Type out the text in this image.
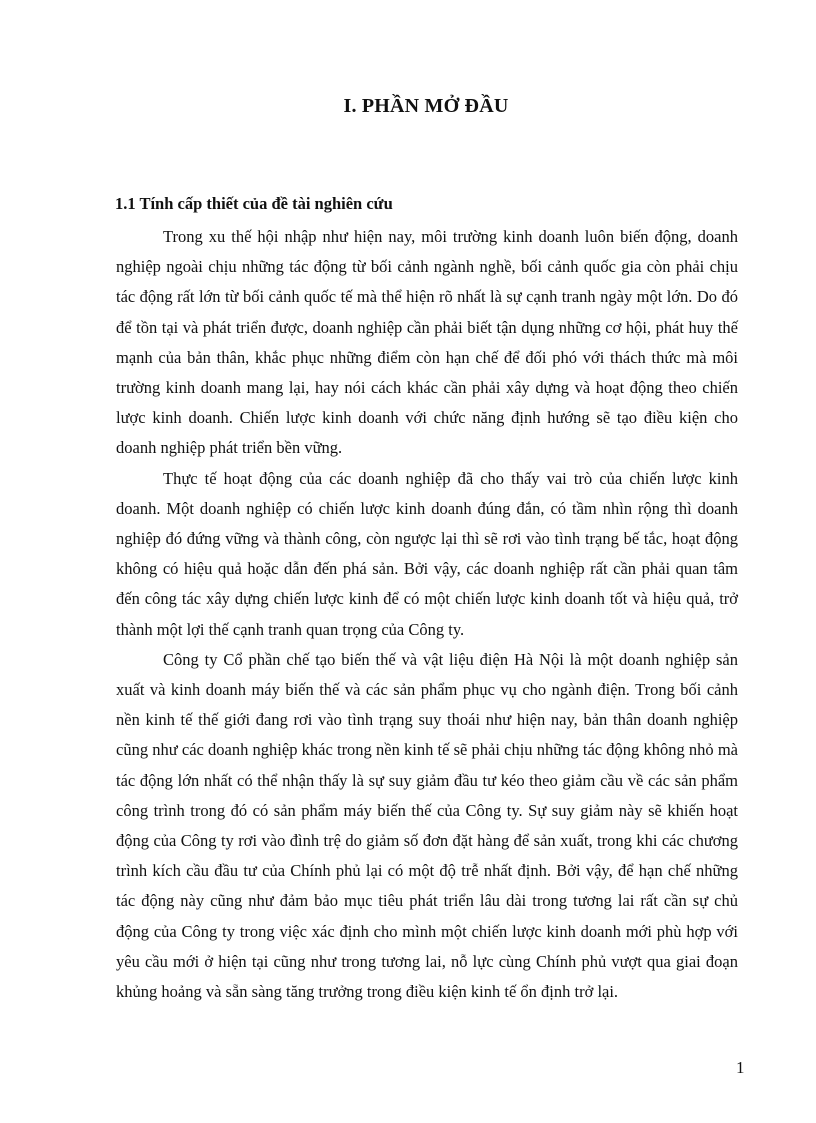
I. PHẦN MỞ ĐẦU
1.1 Tính cấp thiết của đề tài nghiên cứu

Trong xu thế hội nhập như hiện nay, môi trường kinh doanh luôn biến động, doanh nghiệp ngoài chịu những tác động từ bối cảnh ngành nghề, bối cảnh quốc gia còn phải chịu tác động rất lớn từ bối cảnh quốc tế mà thể hiện rõ nhất là sự cạnh tranh ngày một lớn. Do đó để tồn tại và phát triển được, doanh nghiệp cần phải biết tận dụng những cơ hội, phát huy thế mạnh của bản thân, khắc phục những điểm còn hạn chế để đối phó với thách thức mà môi trường kinh doanh mang lại, hay nói cách khác cần phải xây dựng và hoạt động theo chiến lược kinh doanh. Chiến lược kinh doanh với chức năng định hướng sẽ tạo điều kiện cho doanh nghiệp phát triển bền vững.

Thực tế hoạt động của các doanh nghiệp đã cho thấy vai trò của chiến lược kinh doanh. Một doanh nghiệp có chiến lược kinh doanh đúng đắn, có tầm nhìn rộng thì doanh nghiệp đó đứng vững và thành công, còn ngược lại thì sẽ rơi vào tình trạng bế tắc, hoạt động không có hiệu quả hoặc dẫn đến phá sản. Bởi vậy, các doanh nghiệp rất cần phải quan tâm đến công tác xây dựng chiến lược kinh để có một chiến lược kinh doanh tốt và hiệu quả, trở thành một lợi thế cạnh tranh quan trọng của Công ty.

Công ty Cổ phần chế tạo biến thế và vật liệu điện Hà Nội là một doanh nghiệp sản xuất và kinh doanh máy biến thế và các sản phẩm phục vụ cho ngành điện. Trong bối cảnh nền kinh tế thế giới đang rơi vào tình trạng suy thoái như hiện nay, bản thân doanh nghiệp cũng như các doanh nghiệp khác trong nền kinh tế sẽ phải chịu những tác động không nhỏ mà tác động lớn nhất có thể nhận thấy là sự suy giảm đầu tư kéo theo giảm cầu về các sản phẩm công trình trong đó có sản phẩm máy biến thế của Công ty. Sự suy giảm này sẽ khiến hoạt động của Công ty rơi vào đình trệ do giảm số đơn đặt hàng để sản xuất, trong khi các chương trình kích cầu đầu tư của Chính phủ lại có một độ trễ nhất định. Bởi vậy, để hạn chế những tác động này cũng như đảm bảo mục tiêu phát triển lâu dài trong tương lai rất cần sự chủ động của Công ty trong việc xác định cho mình một chiến lược kinh doanh mới phù hợp với yêu cầu mới ở hiện tại cũng như trong tương lai, nỗ lực cùng Chính phủ vượt qua giai đoạn khủng hoảng và sẵn sàng tăng trưởng trong điều kiện kinh tế ổn định trở lại.

1
